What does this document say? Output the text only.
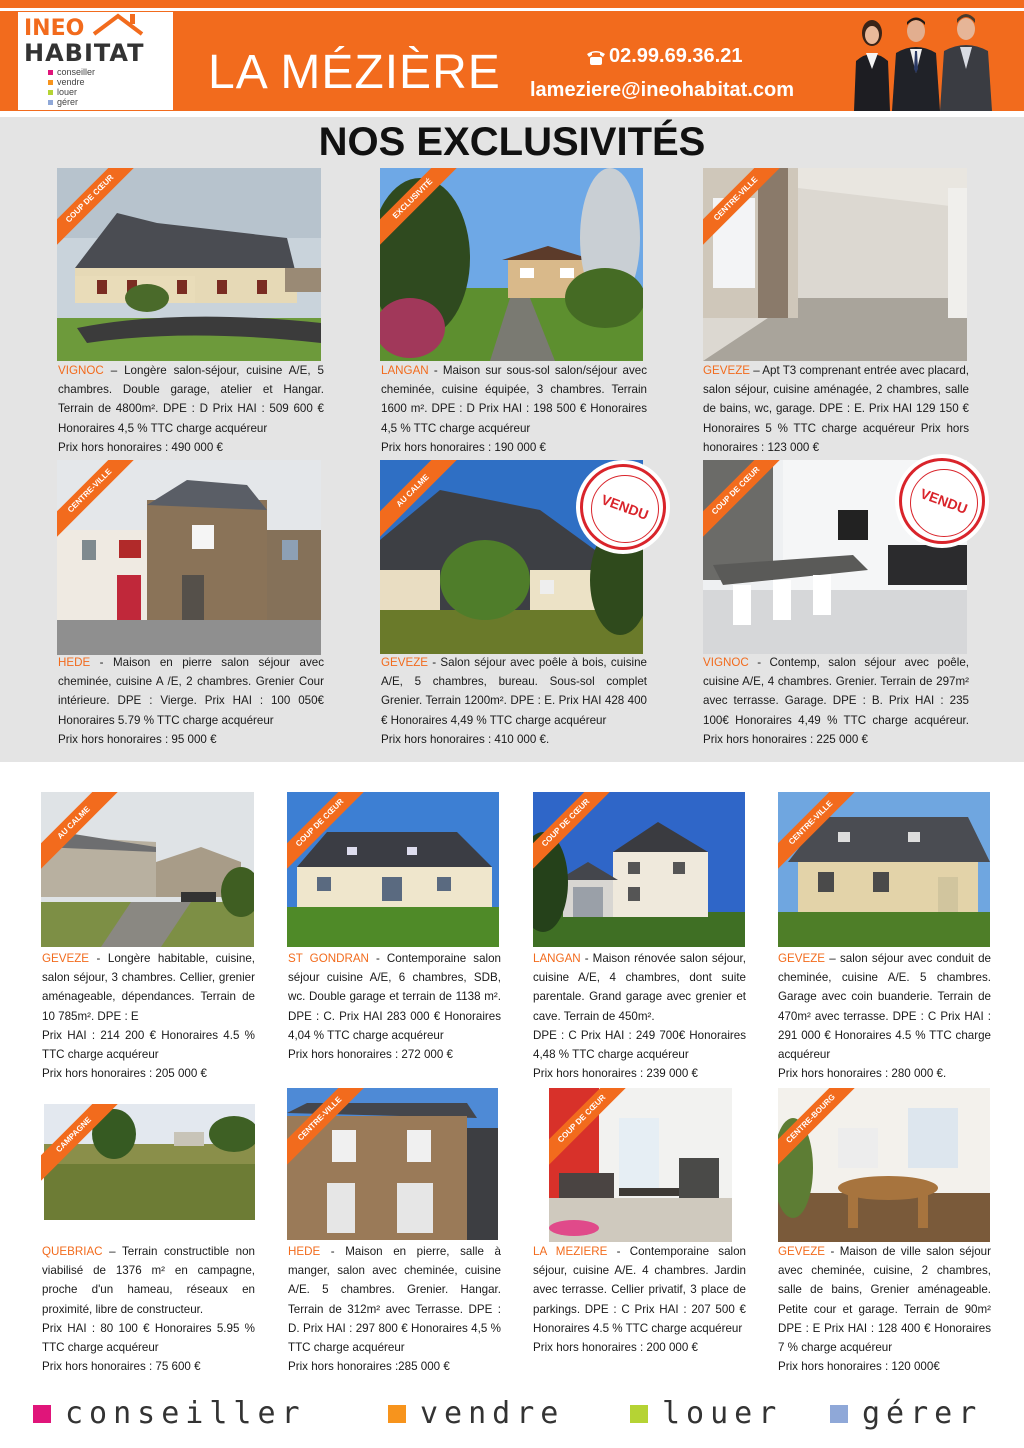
LA MÉZIÈRE	02.99.69.36.21
lameziere@ineohabitat.com
INEO
HABITAT
conseiller
vendre
louer
gérer
NOS EXCLUSIVITÉS
COUP DE CŒUR

VIGNOC – Longère salon-séjour, cuisine A/E, 5 chambres. Double garage, atelier et Hangar. Terrain de 4800m². DPE : D Prix HAI : 509 600 € Honoraires 4,5 % TTC charge acquéreur

Prix hors honoraires : 490 000 €

EXCLUSIVITÉ

LANGAN - Maison sur sous-sol salon/séjour avec cheminée, cuisine équipée, 3 chambres. Terrain 1600 m². DPE : D Prix HAI : 198 500 € Honoraires 4,5 % TTC charge acquéreur

Prix hors honoraires : 190 000 €

CENTRE-VILLE

GEVEZE – Apt T3 comprenant entrée avec placard, salon séjour, cuisine aménagée, 2 chambres, salle de bains, wc, garage. DPE : E. Prix HAI 129 150 € Honoraires 5 % TTC charge acquéreur Prix hors honoraires : 123 000 €

CENTRE-VILLE

HEDE - Maison en pierre salon séjour avec cheminée, cuisine A /E, 2 chambres. Grenier Cour intérieure. DPE : Vierge. Prix HAI : 100 050€ Honoraires 5.79 % TTC charge acquéreur

Prix hors honoraires : 95 000 €

AU CALME	VENDU

GEVEZE - Salon séjour avec poêle à bois, cuisine A/E, 5 chambres, bureau. Sous-sol complet Grenier. Terrain 1200m². DPE : E. Prix HAI 428 400 € Honoraires 4,49 % TTC charge acquéreur

Prix hors honoraires : 410 000 €.

COUP DE CŒUR	VENDU

VIGNOC - Contemp, salon séjour avec poêle, cuisine A/E, 4 chambres. Grenier. Terrain de 297m² avec terrasse. Garage. DPE : B. Prix HAI : 235 100€ Honoraires 4,49 % TTC charge acquéreur. Prix hors honoraires : 225 000 €

AU CALME

GEVEZE - Longère habitable, cuisine, salon séjour, 3 chambres. Cellier, grenier aménageable, dépendances. Terrain de 10 785m². DPE : E

Prix HAI : 214 200 € Honoraires 4.5 % TTC charge acquéreur

Prix hors honoraires : 205 000 €

COUP DE CŒUR

ST GONDRAN - Contemporaine salon séjour cuisine A/E, 6 chambres, SDB, wc. Double garage et terrain de 1138 m². DPE : C. Prix HAI 283 000 € Honoraires 4,04 % TTC charge acquéreur

Prix hors honoraires : 272 000 €

COUP DE CŒUR

LANGAN - Maison rénovée salon séjour, cuisine A/E, 4 chambres, dont suite parentale. Grand garage avec grenier et cave. Terrain de 450m².

DPE : C Prix HAI : 249 700€ Honoraires 4,48 % TTC charge acquéreur

Prix hors honoraires : 239 000 €

CENTRE-VILLE

GEVEZE – salon séjour avec conduit de cheminée, cuisine A/E. 5 chambres. Garage avec coin buanderie. Terrain de 470m² avec terrasse. DPE : C Prix HAI : 291 000 € Honoraires 4.5 % TTC charge acquéreur

Prix hors honoraires : 280 000 €.

CAMPAGNE

QUEBRIAC – Terrain constructible non viabilisé de 1376 m² en campagne, proche d'un hameau, réseaux en proximité, libre de constructeur.

Prix HAI : 80 100 € Honoraires 5.95 % TTC charge acquéreur

Prix hors honoraires : 75 600 €

CENTRE-VILLE

HEDE - Maison en pierre, salle à manger, salon avec cheminée, cuisine A/E. 5 chambres. Grenier. Hangar. Terrain de 312m² avec Terrasse. DPE : D. Prix HAI : 297 800 € Honoraires 4,5 % TTC charge acquéreur

Prix hors honoraires :285 000 €

COUP DE CŒUR

LA MEZIERE - Contemporaine salon séjour, cuisine A/E. 4 chambres. Jardin avec terrasse. Cellier privatif, 3 place de parkings. DPE : C Prix HAI : 207 500 € Honoraires 4.5 % TTC charge acquéreur

Prix hors honoraires : 200 000 €

CENTRE-BOURG

GEVEZE - Maison de ville salon séjour avec cheminée, cuisine, 2 chambres, salle de bains, Grenier aménageable. Petite cour et garage. Terrain de 90m² DPE : E Prix HAI : 128 400 € Honoraires 7 % charge acquéreur

Prix hors honoraires : 120 000€

conseiller	vendre	louer	gérer
